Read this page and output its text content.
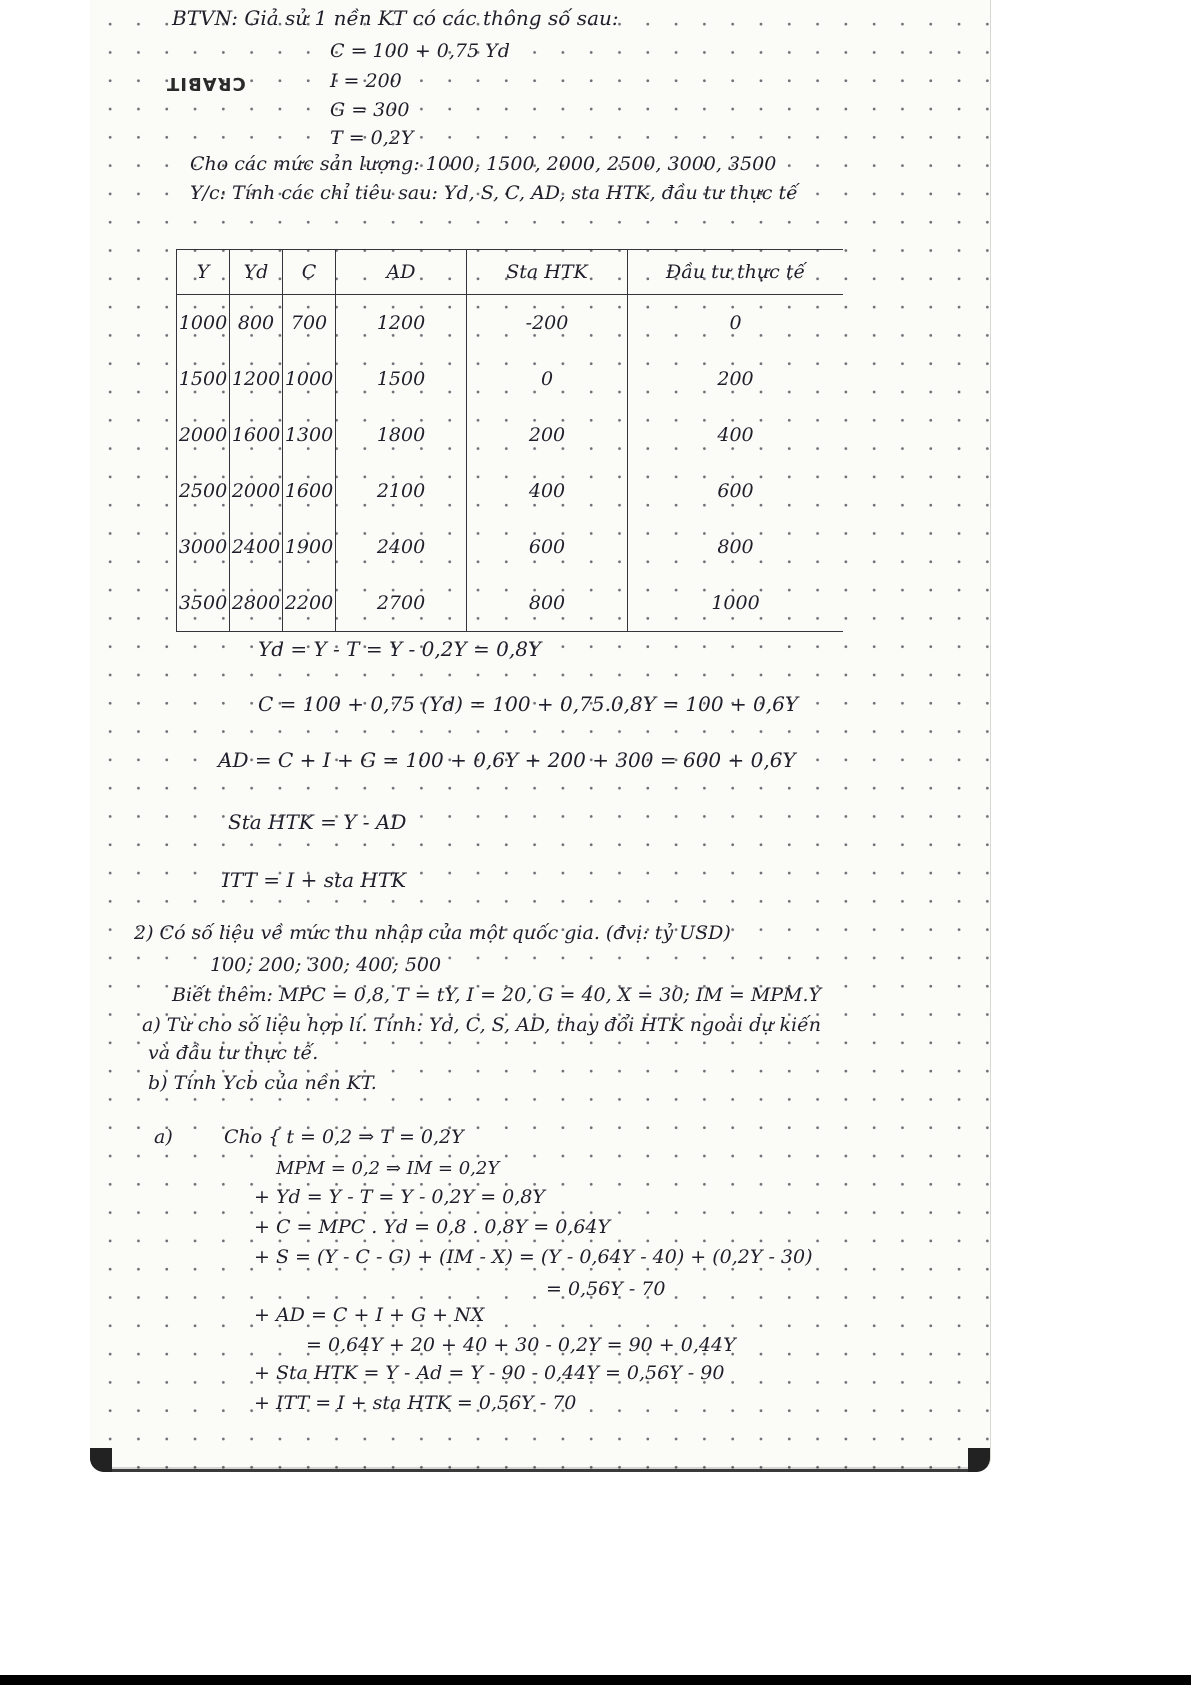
BTVN: Giả sử 1 nền KT có các thông số sau:
C = 100 + 0,75 Yd
CRABIT	I = 200
G = 300
T = 0,2Y
Cho các mức sản lượng: 1000, 1500, 2000, 2500, 3000, 3500
Y/c: Tính các chỉ tiêu sau: Yd, S, C, AD, sta HTK, đầu tư thực tế
Y	Yd	C	AD	Sta HTK	Đầu tư thực tế
1000	800	700	1200	-200	0
1500	1200	1000	1500	0	200
2000	1600	1300	1800	200	400
2500	2000	1600	2100	400	600
3000	2400	1900	2400	600	800
3500	2800	2200	2700	800	1000
Yd = Y - T = Y - 0,2Y = 0,8Y
C = 100 + 0,75 (Yd) = 100 + 0,75.0,8Y = 100 + 0,6Y
AD = C + I + G = 100 + 0,6Y + 200 + 300 = 600 + 0,6Y
Sta HTK = Y - AD
ITT = I + sta HTK
2) Có số liệu về mức thu nhập của một quốc gia. (đvị: tỷ USD)
100; 200; 300; 400; 500
Biết thêm: MPC = 0,8, T = tY, I = 20, G = 40, X = 30; IM = MPM.Y
a) Từ cho số liệu hợp lí. Tính: Yd, C, S, AD, thay đổi HTK ngoài dự kiến
và đầu tư thực tế.
b) Tính Ycb của nền KT.
a)	Cho { t = 0,2 ⇒ T = 0,2Y
MPM = 0,2 ⇒ IM = 0,2Y
+ Yd = Y - T = Y - 0,2Y = 0,8Y
+ C = MPC . Yd = 0,8 . 0,8Y = 0,64Y
+ S = (Y - C - G) + (IM - X) = (Y - 0,64Y - 40) + (0,2Y - 30)
= 0,56Y - 70
+ AD = C + I + G + NX
= 0,64Y + 20 + 40 + 30 - 0,2Y = 90 + 0,44Y
+ Sta HTK = Y - Ad = Y - 90 - 0,44Y = 0,56Y - 90
+ ITT = I + sta HTK = 0,56Y - 70
